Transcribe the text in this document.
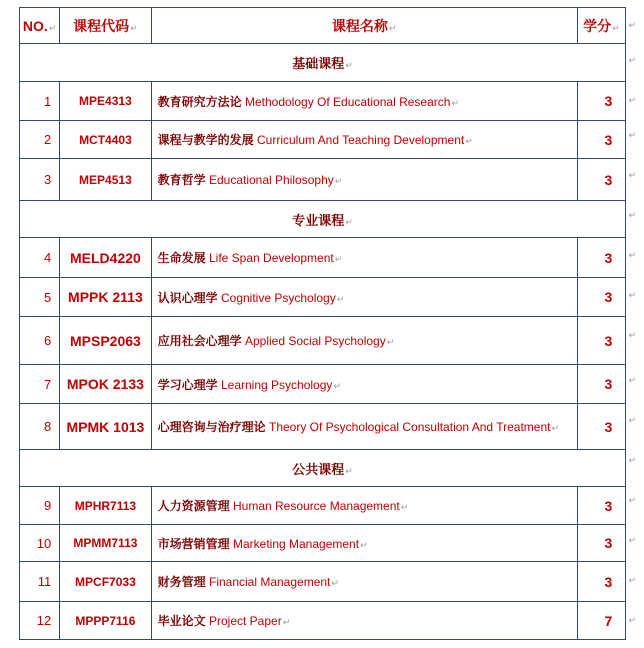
NO.↵	课程代码↵	课程名称↵	学分↵
基础课程↵			
1	MPE4313	教育研究方法论 Methodology Of Educational Research↵	3
2	MCT4403	课程与教学的发展 Curriculum And Teaching Development↵	3
3	MEP4513	教育哲学 Educational Philosophy↵	3
专业课程↵			
4	MELD4220	生命发展 Life Span Development↵	3
5	MPPK 2113	认识心理学 Cognitive Psychology↵	3
6	MPSP2063	应用社会心理学 Applied Social Psychology↵	3
7	MPOK 2133	学习心理学 Learning Psychology↵	3
8	MPMK 1013	心理咨询与治疗理论 Theory Of Psychological Consultation And Treatment↵	3
公共课程↵			
9	MPHR7113	人力资源管理 Human Resource Management↵	3
10	MPMM7113	市场营销管理 Marketing Management↵	3
11	MPCF7033	财务管理 Financial Management↵	3
12	MPPP7116	毕业论文 Project Paper↵	7
↵
↵
↵
↵
↵
↵
↵
↵
↵
↵
↵
↵
↵
↵
↵
↵
